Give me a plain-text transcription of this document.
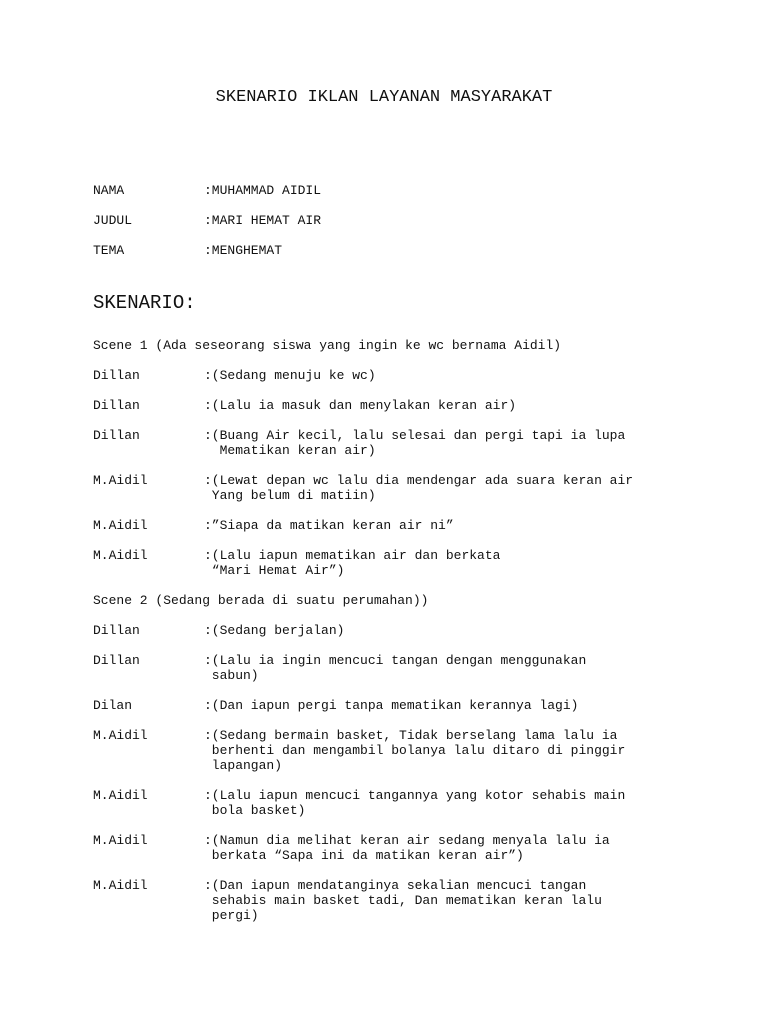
SKENARIO IKLAN LAYANAN MASYARAKAT
NAMA	:MUHAMMAD AIDIL
JUDUL	:MARI HEMAT AIR
TEMA	:MENGHEMAT
SKENARIO:
Scene 1 (Ada seseorang siswa yang ingin ke wc bernama Aidil)
Dillan	:(Sedang menuju ke wc)
Dillan	:(Lalu ia masuk dan menylakan keran air)
Dillan	:(Buang Air kecil, lalu selesai dan pergi tapi ia lupa
Mematikan keran air)
M.Aidil	:(Lewat depan wc lalu dia mendengar ada suara keran air
Yang belum di matiin)
M.Aidil	:”Siapa da matikan keran air ni”
M.Aidil	:(Lalu iapun mematikan air dan berkata
“Mari Hemat Air”)
Scene 2 (Sedang berada di suatu perumahan))
Dillan	:(Sedang berjalan)
Dillan	:(Lalu ia ingin mencuci tangan dengan menggunakan
sabun)
Dilan	:(Dan iapun pergi tanpa mematikan kerannya lagi)
M.Aidil	:(Sedang bermain basket, Tidak berselang lama lalu ia
berhenti dan mengambil bolanya lalu ditaro di pinggir
lapangan)
M.Aidil	:(Lalu iapun mencuci tangannya yang kotor sehabis main
bola basket)
M.Aidil	:(Namun dia melihat keran air sedang menyala lalu ia
berkata “Sapa ini da matikan keran air”)
M.Aidil	:(Dan iapun mendatanginya sekalian mencuci tangan
sehabis main basket tadi, Dan mematikan keran lalu
pergi)
